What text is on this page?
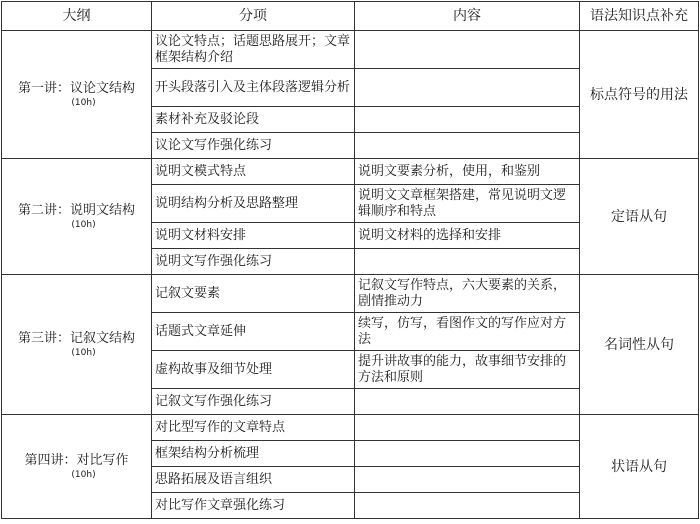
大纲	分项	内容	语法知识点补充
第一讲：议论文结构
(10h)	议论文特点；话题思路展开；文章框架结构介绍		标点符号的用法
	开头段落引入及主体段落逻辑分析		
	素材补充及驳论段		
	议论文写作强化练习		
第二讲：说明文结构
(10h)	说明文模式特点	说明文要素分析，使用，和鉴别	定语从句
	说明结构分析及思路整理	说明文文章框架搭建，常见说明文逻辑顺序和特点	
	说明文材料安排	说明文材料的选择和安排	
	说明文写作强化练习		
第三讲：记叙文结构
(10h)	记叙文要素	记叙文写作特点，六大要素的关系，剧情推动力	名词性从句
	话题式文章延伸	续写，仿写，看图作文的写作应对方法	
	虚构故事及细节处理	提升讲故事的能力，故事细节安排的方法和原则	
	记叙文写作强化练习		
第四讲：对比写作
(10h)	对比型写作的文章特点		状语从句
	框架结构分析梳理		
	思路拓展及语言组织		
	对比写作文章强化练习		
